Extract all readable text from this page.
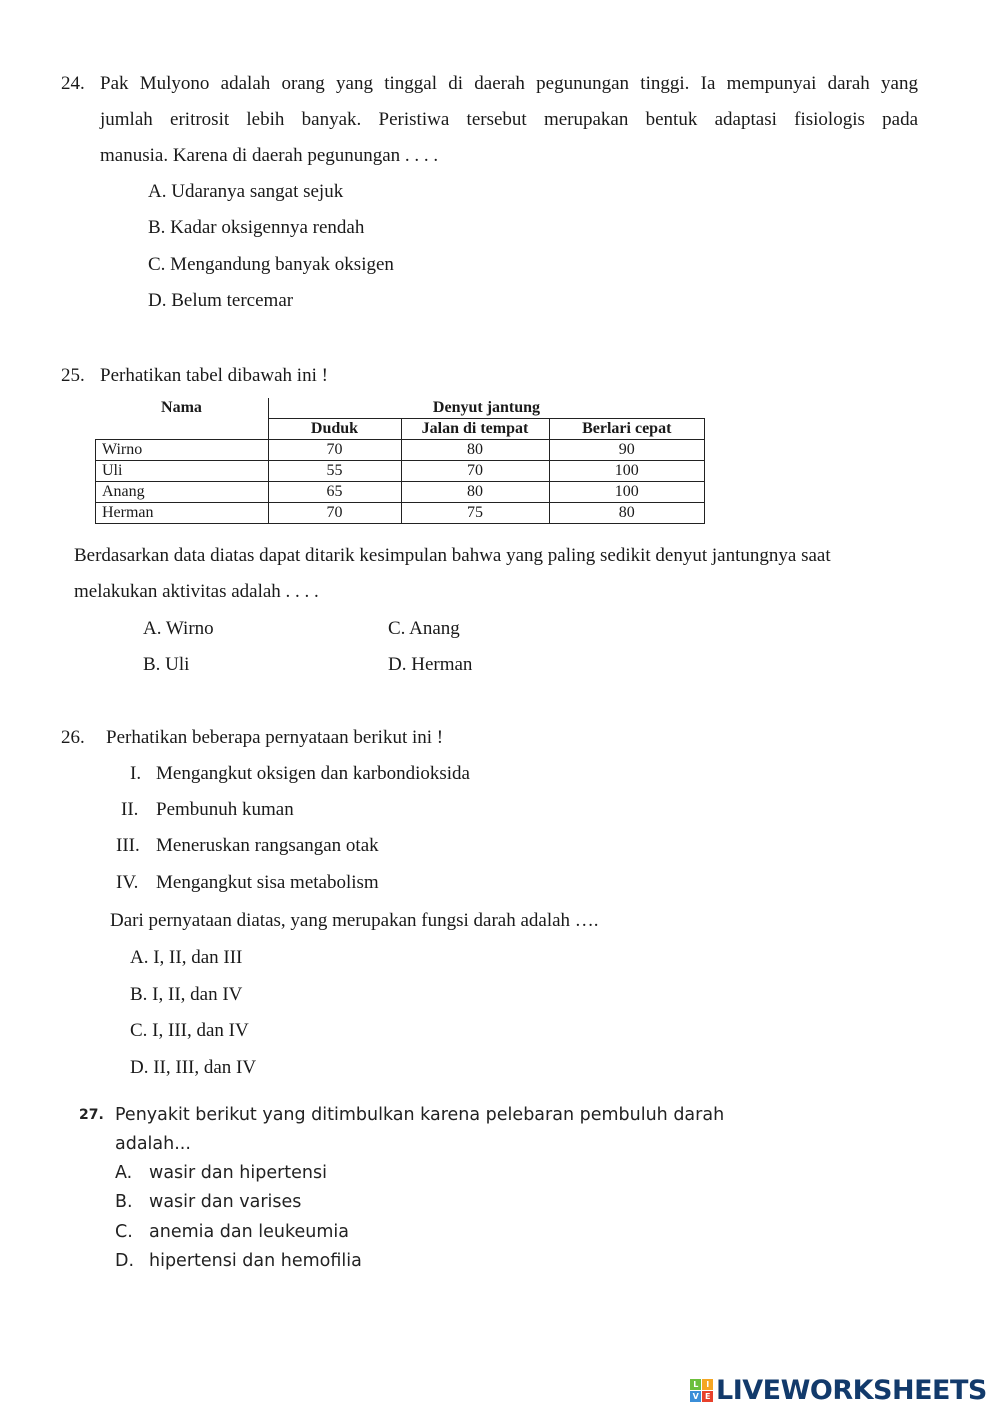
24. Pak Mulyono adalah orang yang tinggal di daerah pegunungan tinggi. Ia mempunyai darah yang
jumlah eritrosit lebih banyak. Peristiwa tersebut merupakan bentuk adaptasi fisiologis pada
manusia. Karena di daerah pegunungan . . . .
A. Udaranya sangat sejuk
B. Kadar oksigennya rendah
C. Mengandung banyak oksigen
D. Belum tercemar
25. Perhatikan tabel dibawah ini !
Nama	Denyut jantung		
	Duduk	Jalan di tempat	Berlari cepat
Wirno	70	80	90
Uli	55	70	100
Anang	65	80	100
Herman	70	75	80
Berdasarkan data diatas dapat ditarik kesimpulan bahwa yang paling sedikit denyut jantungnya saat
melakukan aktivitas adalah . . . .
A. Wirno	C. Anang
B. Uli	D. Herman
26. Perhatikan beberapa pernyataan berikut ini !
I. Mengangkut oksigen dan karbondioksida
II. Pembunuh kuman
III. Meneruskan rangsangan otak
IV. Mengangkut sisa metabolism
Dari pernyataan diatas, yang merupakan fungsi darah adalah ….
A. I, II, dan III
B. I, II, dan IV
C. I, III, dan IV
D. II, III, dan IV
27. Penyakit berikut yang ditimbulkan karena pelebaran pembuluh darah
adalah...
A. wasir dan hipertensi
B. wasir dan varises
C. anemia dan leukeumia
D. hipertensi dan hemofilia
L	I
V E LIVEWORKSHEETS
